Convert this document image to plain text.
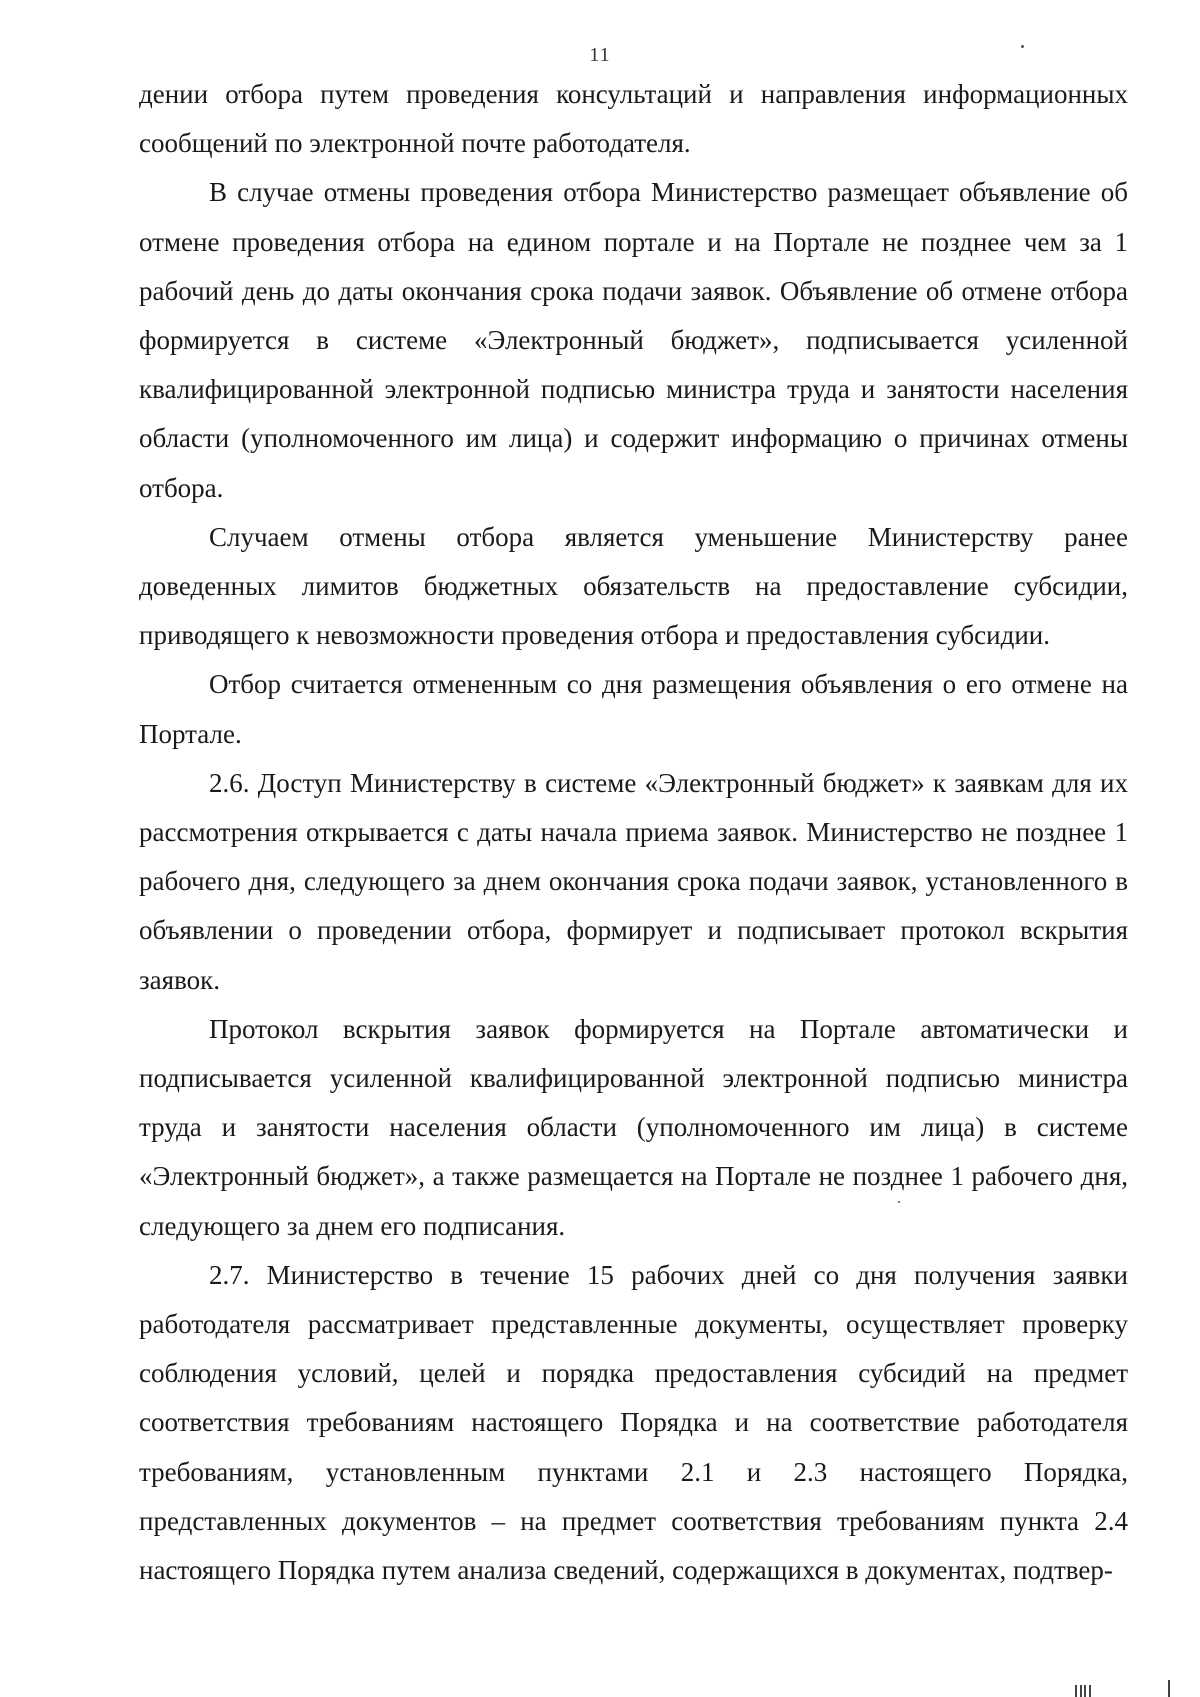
11

дении отбора путем проведения консультаций и направления информационных сообщений по электронной почте работодателя.

В случае отмены проведения отбора Министерство размещает объявление об отмене проведения отбора на едином портале и на Портале не позднее чем за 1 рабочий день до даты окончания срока подачи заявок. Объявление об отмене отбора формируется в системе «Электронный бюджет», подписывается усиленной квалифицированной электронной подписью министра труда и занятости населения области (уполномоченного им лица) и содержит информацию о причинах отмены отбора.

Случаем отмены отбора является уменьшение Министерству ранее доведенных лимитов бюджетных обязательств на предоставление субсидии, приводящего к невозможности проведения отбора и предоставления субсидии.

Отбор считается отмененным со дня размещения объявления о его отмене на Портале.

2.6. Доступ Министерству в системе «Электронный бюджет» к заявкам для их рассмотрения открывается с даты начала приема заявок. Министерство не позднее 1 рабочего дня, следующего за днем окончания срока подачи заявок, установленного в объявлении о проведении отбора, формирует и подписывает протокол вскрытия заявок.

Протокол вскрытия заявок формируется на Портале автоматически и подписывается усиленной квалифицированной электронной подписью министра труда и занятости населения области (уполномоченного им лица) в системе «Электронный бюджет», а также размещается на Портале не позднее 1 рабочего дня, следующего за днем его подписания.

2.7. Министерство в течение 15 рабочих дней со дня получения заявки работодателя рассматривает представленные документы, осуществляет проверку соблюдения условий, целей и порядка предоставления субсидий на предмет соответствия требованиям настоящего Порядка и на соответствие работодателя требованиям, установленным пунктами 2.1 и 2.3 настоящего Порядка, представленных документов – на предмет соответствия требованиям пункта 2.4 настоящего Порядка путем анализа сведений, содержащихся в документах, подтвер-
